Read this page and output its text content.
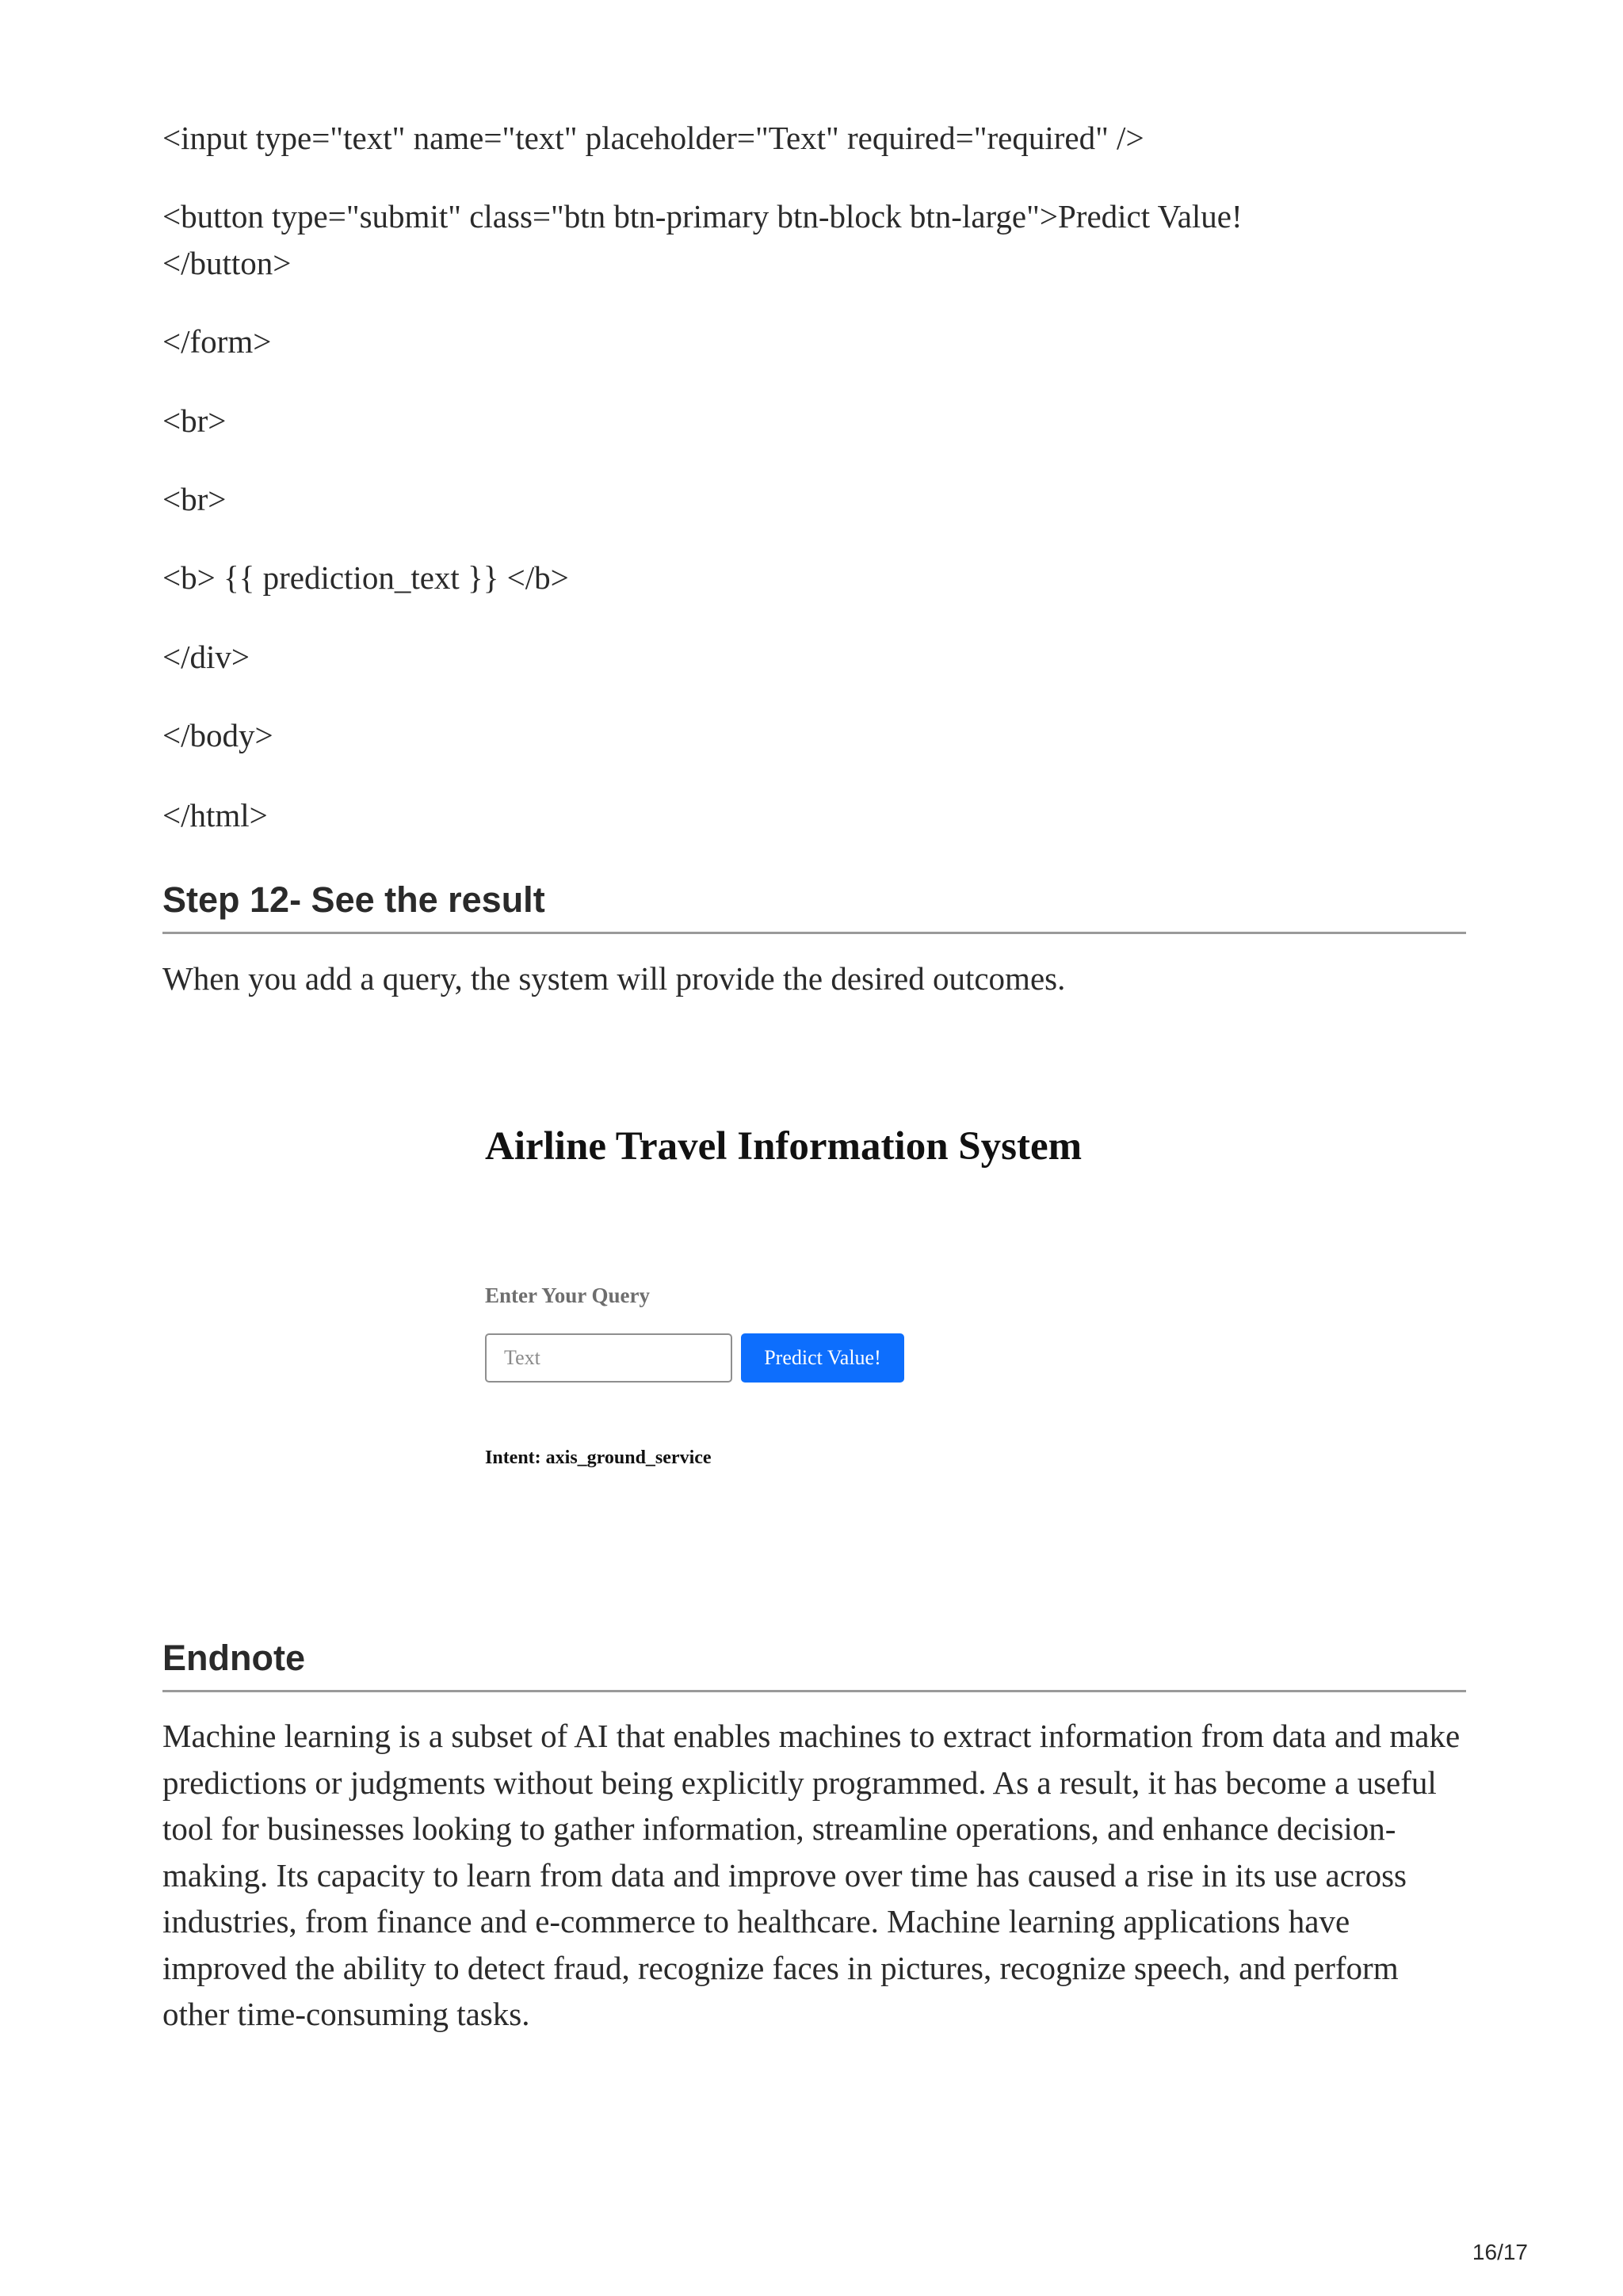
<input type="text" name="text" placeholder="Text" required="required" />

<button type="submit" class="btn btn-primary btn-block btn-large">Predict Value!

</button>

</form>

<br>

<br>

<b> {{ prediction_text }} </b>

</div>

</body>

</html>

Step 12- See the result

When you add a query, the system will provide the desired outcomes.

Airline Travel Information System
Enter Your Query
Text
Predict Value!
Intent: axis_ground_service
Endnote

Machine learning is a subset of AI that enables machines to extract information from data and make predictions or judgments without being explicitly programmed. As a result, it has become a useful tool for businesses looking to gather information, streamline operations, and enhance decision-making. Its capacity to learn from data and improve over time has caused a rise in its use across industries, from finance and e-commerce to healthcare. Machine learning applications have improved the ability to detect fraud, recognize faces in pictures, recognize speech, and perform other time-consuming tasks.

16/17
